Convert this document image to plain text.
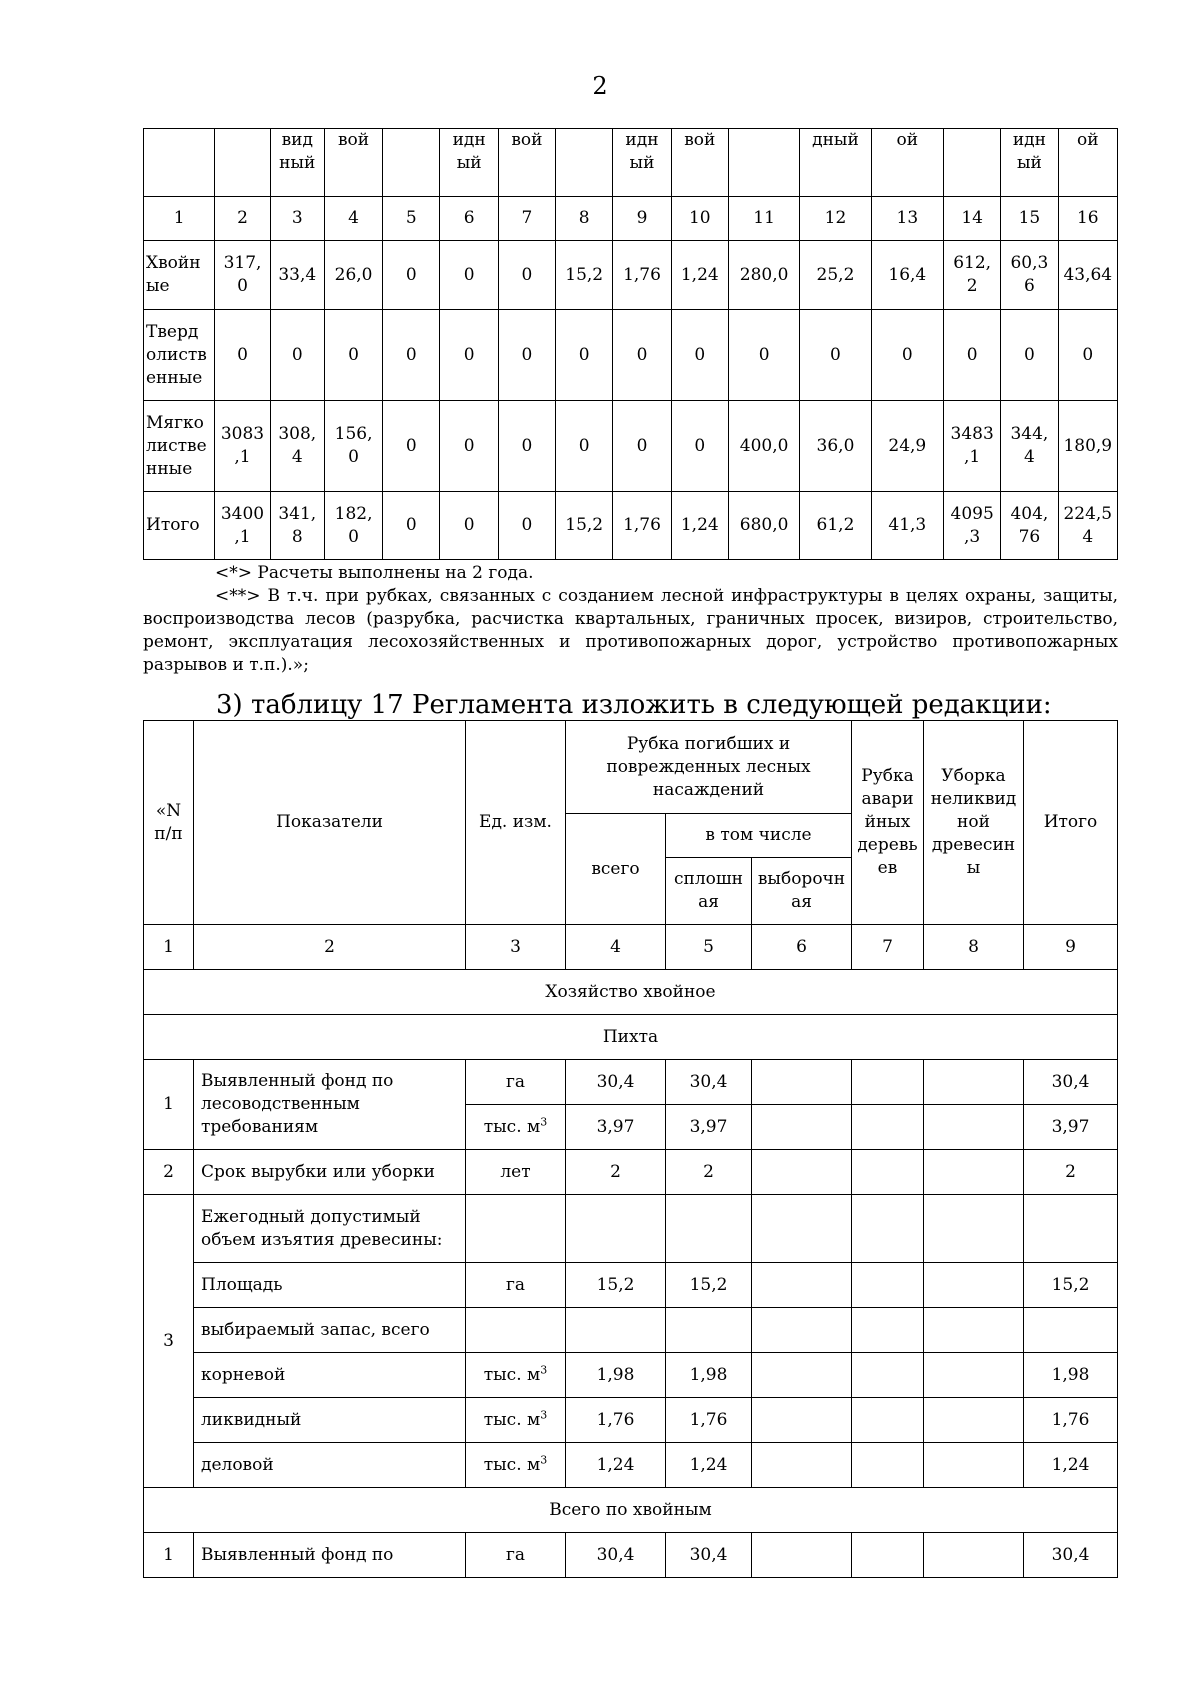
2
		вид ный	вой		идн ый	вой		идн ый	вой		дный	ой		идн ый	ой
1	2	3	4	5	6	7	8	9	10	11	12	13	14	15	16
Хвойн ые	317, 0	33,4	26,0	0	0	0	15,2	1,76	1,24	280,0	25,2	16,4	612, 2	60,3 6	43,64
Тверд олиств енные	0	0	0	0	0	0	0	0	0	0	0	0	0	0	0
Мягко листве нные	3083 ,1	308, 4	156, 0	0	0	0	0	0	0	400,0	36,0	24,9	3483 ,1	344, 4	180,9
Итого	3400 ,1	341, 8	182, 0	0	0	0	15,2	1,76	1,24	680,0	61,2	41,3	4095 ,3	404, 76	224,5 4

<*> Расчеты выполнены на 2 года.

<**> В т.ч. при рубках, связанных с созданием лесной инфраструктуры в целях охраны, защиты, воспроизводства лесов (разрубка, расчистка квартальных, граничных просек, визиров, строительство, ремонт, эксплуатация лесохозяйственных и противопожарных дорог, устройство противопожарных разрывов и т.п.).»;

3) таблицу 17 Регламента изложить в следующей редакции:
«N п/п	Показатели	Ед. изм.	Рубка погибших и поврежденных лесных насаждений			Рубка авари йных деревь ев	Уборка неликвид ной древесин ы	Итого
			всего	в том числе				
				сплошн ая	выборочн ая			
1	2	3	4	5	6	7	8	9
Хозяйство хвойное								
Пихта								
1	Выявленный фонд по лесоводственным требованиям	га	30,4	30,4				30,4
		тыс. $м^3$	3,97	3,97				3,97
2	Срок вырубки или уборки	лет	2	2				2
3	Ежегодный допустимый объем изъятия древесины:							
	Площадь	га	15,2	15,2				15,2
	выбираемый запас, всего							
	корневой	тыс. $м^3$	1,98	1,98				1,98
	ликвидный	тыс. $м^3$	1,76	1,76				1,76
	деловой	тыс. $м^3$	1,24	1,24				1,24
Всего по хвойным								
1	Выявленный фонд по	га	30,4	30,4				30,4
